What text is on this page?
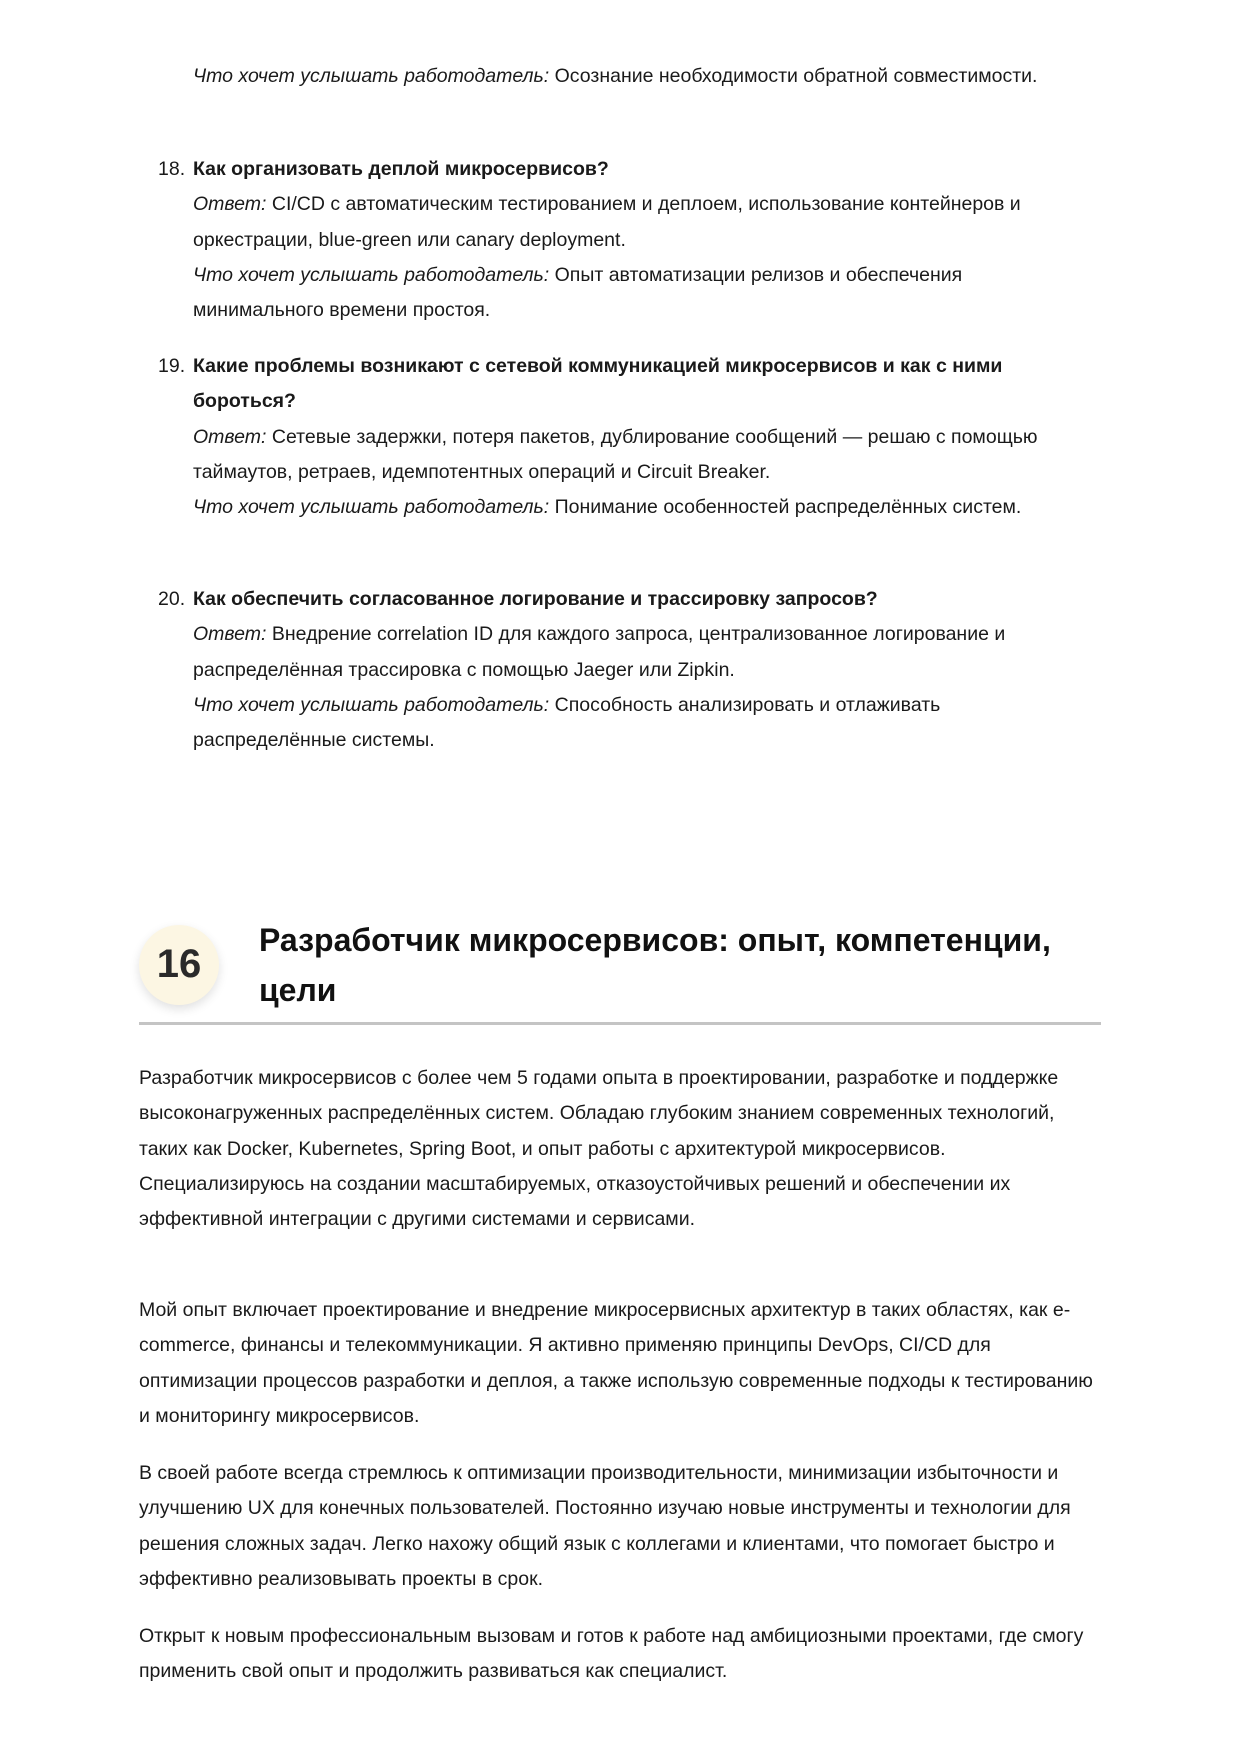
Что хочет услышать работодатель: Осознание необходимости обратной совместимости.
18. Как организовать деплой микросервисов?
Ответ: CI/CD с автоматическим тестированием и деплоем, использование контейнеров и оркестрации, blue-green или canary deployment.
Что хочет услышать работодатель: Опыт автоматизации релизов и обеспечения минимального времени простоя.
19. Какие проблемы возникают с сетевой коммуникацией микросервисов и как с ними бороться?
Ответ: Сетевые задержки, потеря пакетов, дублирование сообщений — решаю с помощью таймаутов, ретраев, идемпотентных операций и Circuit Breaker.
Что хочет услышать работодатель: Понимание особенностей распределённых систем.
20. Как обеспечить согласованное логирование и трассировку запросов?
Ответ: Внедрение correlation ID для каждого запроса, централизованное логирование и распределённая трассировка с помощью Jaeger или Zipkin.
Что хочет услышать работодатель: Способность анализировать и отлаживать распределённые системы.
16
Разработчик микросервисов: опыт, компетенции, цели
Разработчик микросервисов с более чем 5 годами опыта в проектировании, разработке и поддержке высоконагруженных распределённых систем. Обладаю глубоким знанием современных технологий, таких как Docker, Kubernetes, Spring Boot, и опыт работы с архитектурой микросервисов. Специализируюсь на создании масштабируемых, отказоустойчивых решений и обеспечении их эффективной интеграции с другими системами и сервисами.
Мой опыт включает проектирование и внедрение микросервисных архитектур в таких областях, как e-commerce, финансы и телекоммуникации. Я активно применяю принципы DevOps, CI/CD для оптимизации процессов разработки и деплоя, а также использую современные подходы к тестированию и мониторингу микросервисов.
В своей работе всегда стремлюсь к оптимизации производительности, минимизации избыточности и улучшению UX для конечных пользователей. Постоянно изучаю новые инструменты и технологии для решения сложных задач. Легко нахожу общий язык с коллегами и клиентами, что помогает быстро и эффективно реализовывать проекты в срок.
Открыт к новым профессиональным вызовам и готов к работе над амбициозными проектами, где смогу применить свой опыт и продолжить развиваться как специалист.
